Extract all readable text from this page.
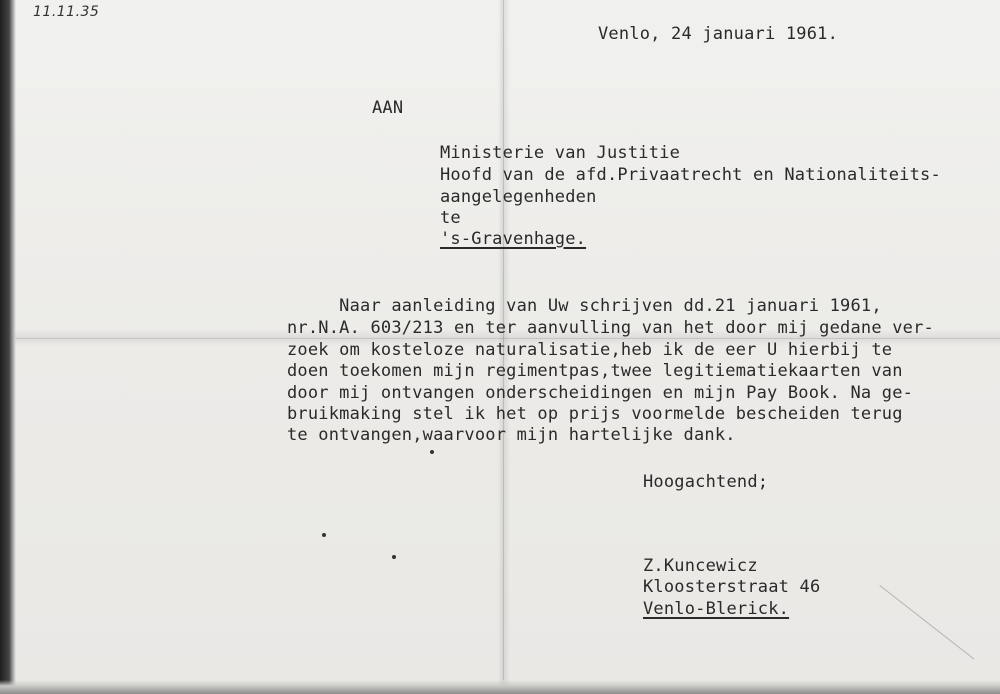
11.11.35
Venlo, 24 januari 1961.
AAN
Ministerie van Justitie
Hoofd van de afd.Privaatrecht en Nationaliteits-
aangelegenheden
te
's-Gravenhage.
Naar aanleiding van Uw schrijven dd.21 januari 1961,
nr.N.A. 603/213 en ter aanvulling van het door mij gedane ver-
zoek om kosteloze naturalisatie,heb ik de eer U hierbij te
doen toekomen mijn regimentpas,twee legitiematiekaarten van
door mij ontvangen onderscheidingen en mijn Pay Book. Na ge-
bruikmaking stel ik het op prijs voormelde bescheiden terug
te ontvangen,waarvoor mijn hartelijke dank.
Hoogachtend;
Z.Kuncewicz
Kloosterstraat 46
Venlo-Blerick.
